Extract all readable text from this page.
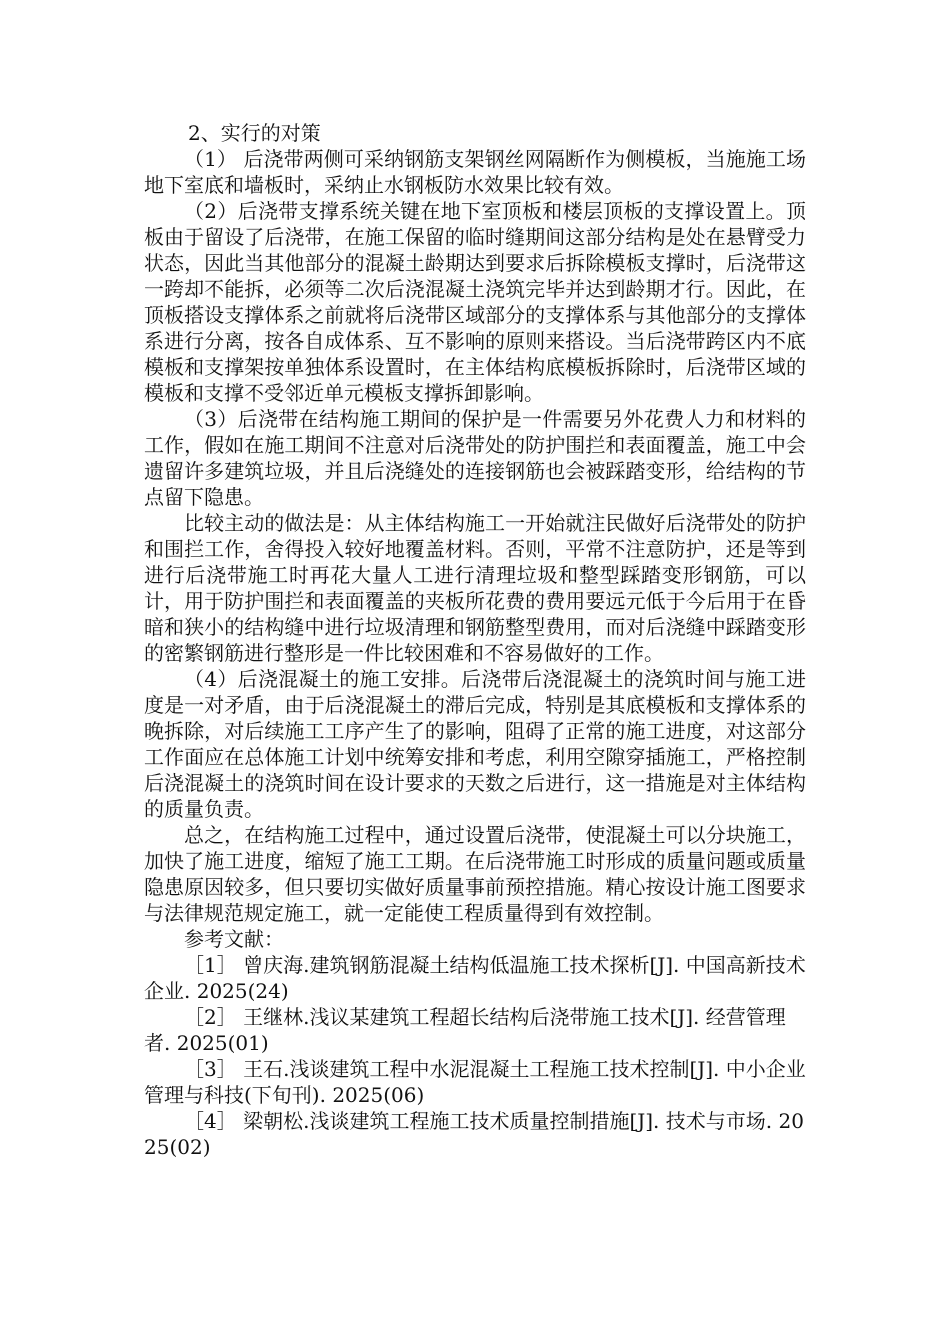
2、实行的对策

（1） 后浇带两侧可采纳钢筋支架钢丝网隔断作为侧模板，当施施工场地下室底和墙板时，采纳止水钢板防水效果比较有效。

（2）后浇带支撑系统关键在地下室顶板和楼层顶板的支撑设置上。顶板由于留设了后浇带，在施工保留的临时缝期间这部分结构是处在悬臂受力状态，因此当其他部分的混凝土龄期达到要求后拆除模板支撑时，后浇带这一跨却不能拆，必须等二次后浇混凝土浇筑完毕并达到龄期才行。因此，在顶板搭设支撑体系之前就将后浇带区域部分的支撑体系与其他部分的支撑体系进行分离，按各自成体系、互不影响的原则来搭设。当后浇带跨区内不底模板和支撑架按单独体系设置时，在主体结构底模板拆除时，后浇带区域的模板和支撑不受邻近单元模板支撑拆卸影响。

（3）后浇带在结构施工期间的保护是一件需要另外花费人力和材料的工作，假如在施工期间不注意对后浇带处的防护围拦和表面覆盖，施工中会遗留许多建筑垃圾，并且后浇缝处的连接钢筋也会被踩踏变形，给结构的节点留下隐患。

比较主动的做法是：从主体结构施工一开始就注民做好后浇带处的防护和围拦工作，舍得投入较好地覆盖材料。否则，平常不注意防护，还是等到进行后浇带施工时再花大量人工进行清理垃圾和整型踩踏变形钢筋，可以计，用于防护围拦和表面覆盖的夹板所花费的费用要远元低于今后用于在昏暗和狭小的结构缝中进行垃圾清理和钢筋整型费用，而对后浇缝中踩踏变形的密繁钢筋进行整形是一件比较困难和不容易做好的工作。

（4）后浇混凝土的施工安排。后浇带后浇混凝土的浇筑时间与施工进度是一对矛盾，由于后浇混凝土的滞后完成，特别是其底模板和支撑体系的晚拆除，对后续施工工序产生了的影响，阻碍了正常的施工进度，对这部分工作面应在总体施工计划中统筹安排和考虑，利用空隙穿插施工，严格控制后浇混凝土的浇筑时间在设计要求的天数之后进行，这一措施是对主体结构的质量负责。

总之，在结构施工过程中，通过设置后浇带，使混凝土可以分块施工，加快了施工进度，缩短了施工工期。在后浇带施工时形成的质量问题或质量隐患原因较多，但只要切实做好质量事前预控措施。精心按设计施工图要求与法律规范规定施工，就一定能使工程质量得到有效控制。

参考文献：

［1］ 曾庆海.建筑钢筋混凝土结构低温施工技术探析[J]. 中国高新技术企业. 2025(24)

［2］ 王继林.浅议某建筑工程超长结构后浇带施工技术[J]. 经营管理者. 2025(01)

［3］ 王石.浅谈建筑工程中水泥混凝土工程施工技术控制[J]. 中小企业管理与科技(下旬刊). 2025(06)

［4］ 梁朝松.浅谈建筑工程施工技术质量控制措施[J]. 技术与市场. 2025(02)
